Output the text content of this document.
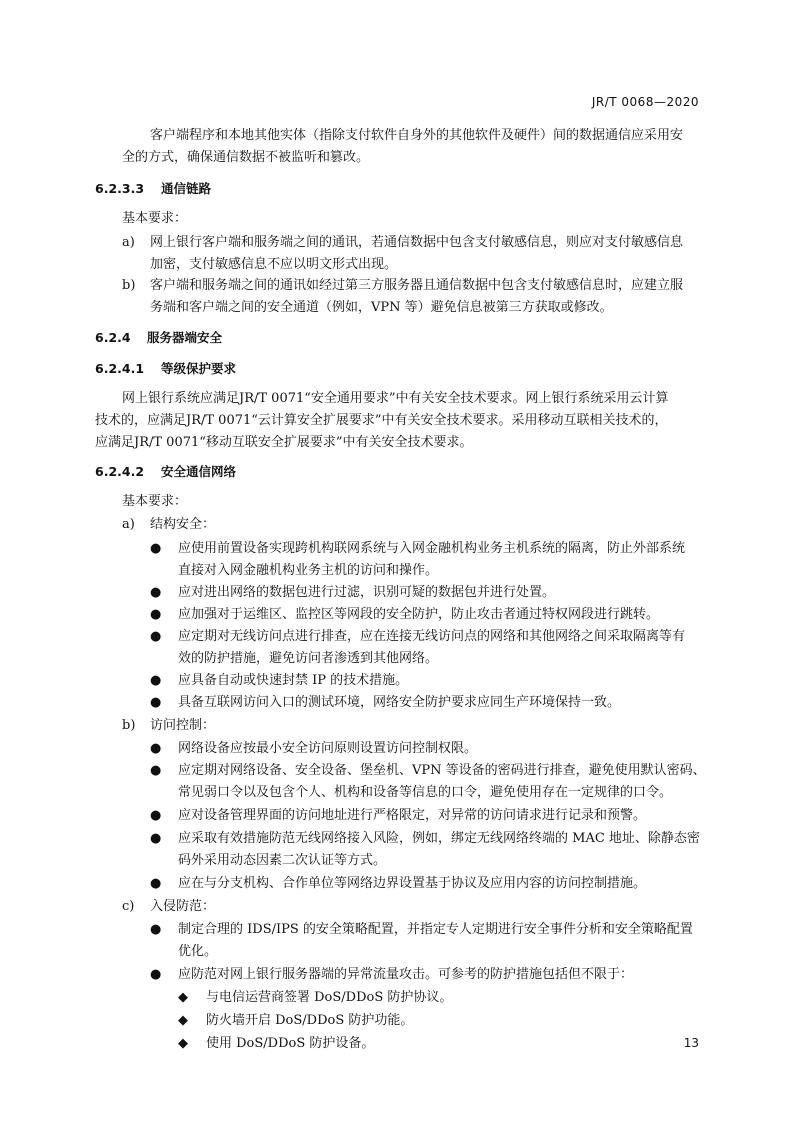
JR/T 0068—2020
客户端程序和本地其他实体（指除支付软件自身外的其他软件及硬件）间的数据通信应采用安
全的方式，确保通信数据不被监听和篡改。
6.2.3.3 通信链路
基本要求：
a) 网上银行客户端和服务端之间的通讯，若通信数据中包含支付敏感信息，则应对支付敏感信息
加密，支付敏感信息不应以明文形式出现。
b) 客户端和服务端之间的通讯如经过第三方服务器且通信数据中包含支付敏感信息时，应建立服
务端和客户端之间的安全通道（例如，VPN 等）避免信息被第三方获取或修改。
6.2.4 服务器端安全
6.2.4.1 等级保护要求
网上银行系统应满足JR/T 0071“安全通用要求”中有关安全技术要求。网上银行系统采用云计算
技术的，应满足JR/T 0071“云计算安全扩展要求”中有关安全技术要求。采用移动互联相关技术的，
应满足JR/T 0071“移动互联安全扩展要求”中有关安全技术要求。
6.2.4.2 安全通信网络
基本要求：
a) 结构安全：
● 应使用前置设备实现跨机构联网系统与入网金融机构业务主机系统的隔离，防止外部系统
直接对入网金融机构业务主机的访问和操作。
● 应对进出网络的数据包进行过滤，识别可疑的数据包并进行处置。
● 应加强对于运维区、监控区等网段的安全防护，防止攻击者通过特权网段进行跳转。
● 应定期对无线访问点进行排查，应在连接无线访问点的网络和其他网络之间采取隔离等有
效的防护措施，避免访问者渗透到其他网络。
● 应具备自动或快速封禁 IP 的技术措施。
● 具备互联网访问入口的测试环境，网络安全防护要求应同生产环境保持一致。
b) 访问控制：
● 网络设备应按最小安全访问原则设置访问控制权限。
● 应定期对网络设备、安全设备、堡垒机、VPN 等设备的密码进行排查，避免使用默认密码、
常见弱口令以及包含个人、机构和设备等信息的口令，避免使用存在一定规律的口令。
● 应对设备管理界面的访问地址进行严格限定，对异常的访问请求进行记录和预警。
● 应采取有效措施防范无线网络接入风险，例如，绑定无线网络终端的 MAC 地址、除静态密
码外采用动态因素二次认证等方式。
● 应在与分支机构、合作单位等网络边界设置基于协议及应用内容的访问控制措施。
c) 入侵防范：
● 制定合理的 IDS/IPS 的安全策略配置，并指定专人定期进行安全事件分析和安全策略配置
优化。
● 应防范对网上银行服务器端的异常流量攻击。可参考的防护措施包括但不限于：
◆ 与电信运营商签署 DoS/DDoS 防护协议。
◆ 防火墙开启 DoS/DDoS 防护功能。
◆ 使用 DoS/DDoS 防护设备。	13
